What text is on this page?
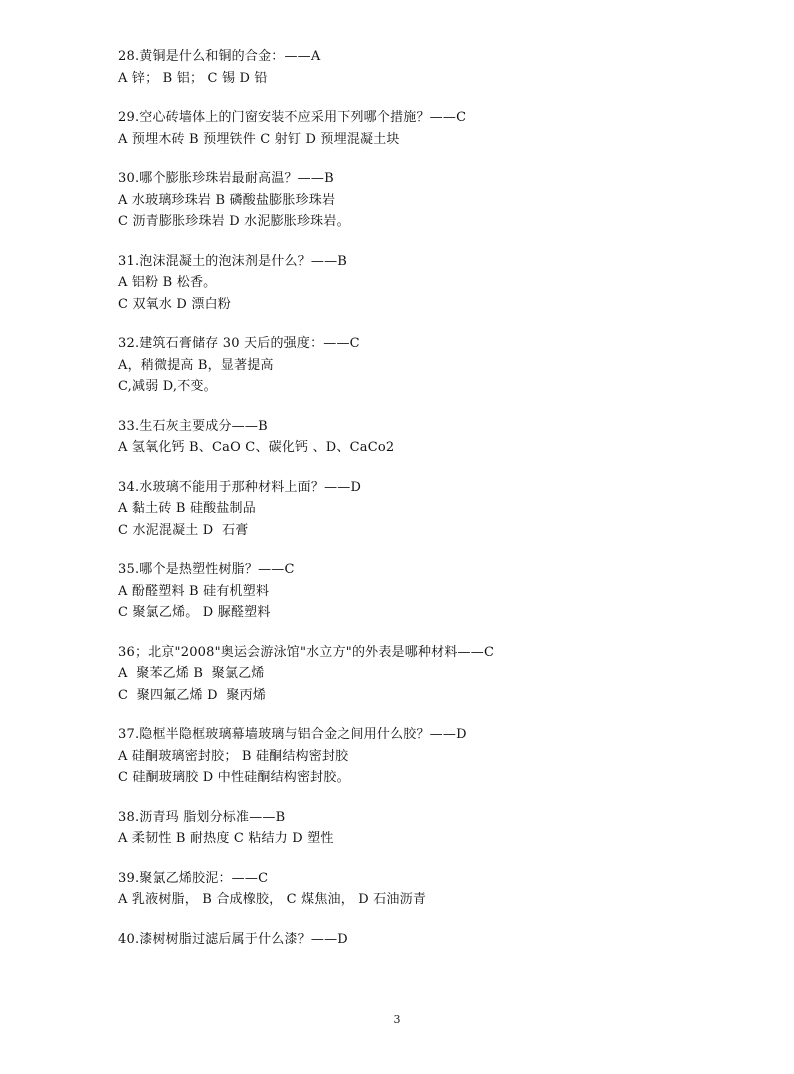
28.黄铜是什么和铜的合金：——A
A 锌； B 铝； C 锡 D 铅
29.空心砖墙体上的门窗安装不应采用下列哪个措施？——C
A 预埋木砖 B 预埋铁件 C 射钉 D 预埋混凝土块
30.哪个膨胀珍珠岩最耐高温？——B
A 水玻璃珍珠岩 B 磷酸盐膨胀珍珠岩
C 沥青膨胀珍珠岩 D 水泥膨胀珍珠岩。
31.泡沫混凝土的泡沫剂是什么？——B
A 铝粉 B 松香。
C 双氧水 D 漂白粉
32.建筑石膏储存 30 天后的强度：——C
A，稍微提高 B，显著提高
C,减弱 D,不变。
33.生石灰主要成分——B
A 氢氧化钙 B、CaO C、碳化钙 、D、CaCo2
34.水玻璃不能用于那种材料上面？——D
A 黏土砖 B 硅酸盐制品
C 水泥混凝土 D  石膏
35.哪个是热塑性树脂？——C
A 酚醛塑料 B 硅有机塑料
C 聚氯乙烯。 D 脲醛塑料
36；北京"2008"奥运会游泳馆"水立方"的外表是哪种材料——C
A  聚苯乙烯 B  聚氯乙烯
C  聚四氟乙烯 D  聚丙烯
37.隐框半隐框玻璃幕墙玻璃与铝合金之间用什么胶？——D
A 硅酮玻璃密封胶； B 硅酮结构密封胶
C 硅酮玻璃胶 D 中性硅酮结构密封胶。
38.沥青玛 脂划分标准——B
A 柔韧性 B 耐热度 C 粘结力 D 塑性
39.聚氯乙烯胶泥：——C
A 乳液树脂， B 合成橡胶， C 煤焦油， D 石油沥青
40.漆树树脂过滤后属于什么漆？——D
3
